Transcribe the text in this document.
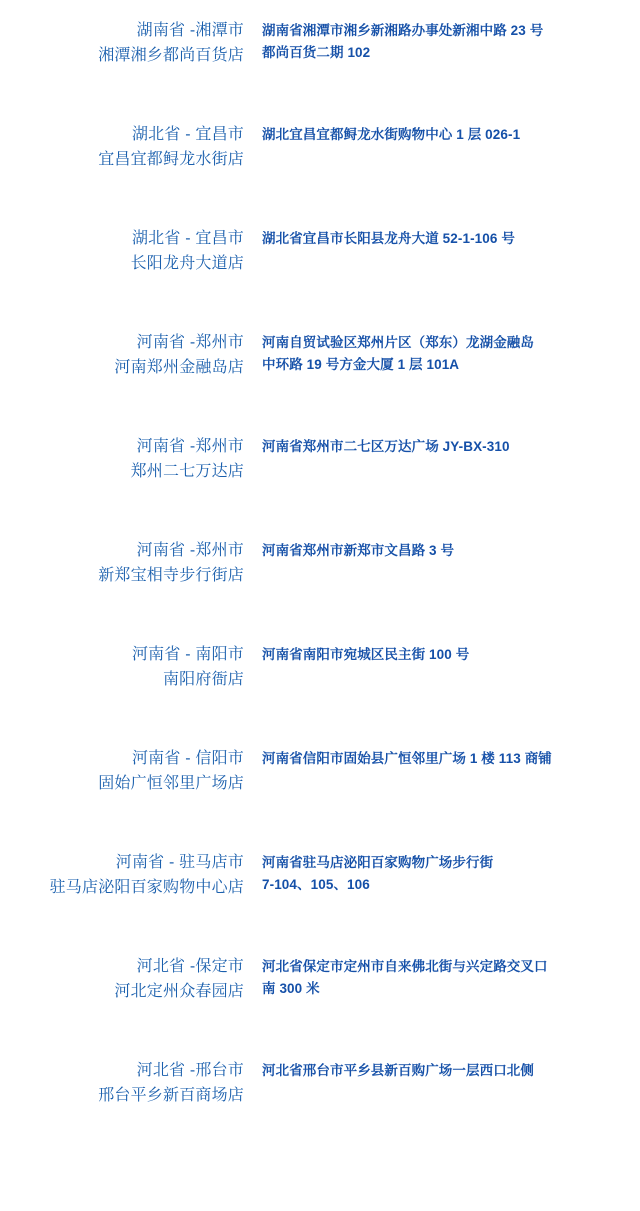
湖南省 -湘潭市
湘潭湘乡都尚百货店
湖南省湘潭市湘乡新湘路办事处新湘中路 23 号
都尚百货二期 102
湖北省 - 宜昌市
宜昌宜都鲟龙水街店
湖北宜昌宜都鲟龙水街购物中心 1 层 026-1
湖北省 - 宜昌市
长阳龙舟大道店
湖北省宜昌市长阳县龙舟大道 52-1-106 号
河南省 -郑州市
河南郑州金融岛店
河南自贸试验区郑州片区（郑东）龙湖金融岛
中环路 19 号方金大厦 1 层 101A
河南省 -郑州市
郑州二七万达店
河南省郑州市二七区万达广场 JY-BX-310
河南省 -郑州市
新郑宝相寺步行街店
河南省郑州市新郑市文昌路 3 号
河南省 - 南阳市
南阳府衙店
河南省南阳市宛城区民主街 100 号
河南省 - 信阳市
固始广恒邻里广场店
河南省信阳市固始县广恒邻里广场 1 楼 113 商铺
河南省 - 驻马店市
驻马店泌阳百家购物中心店
河南省驻马店泌阳百家购物广场步行街
7-104、105、106
河北省 -保定市
河北定州众春园店
河北省保定市定州市自来佛北街与兴定路交叉口
南 300 米
河北省 -邢台市
邢台平乡新百商场店
河北省邢台市平乡县新百购广场一层西口北侧
